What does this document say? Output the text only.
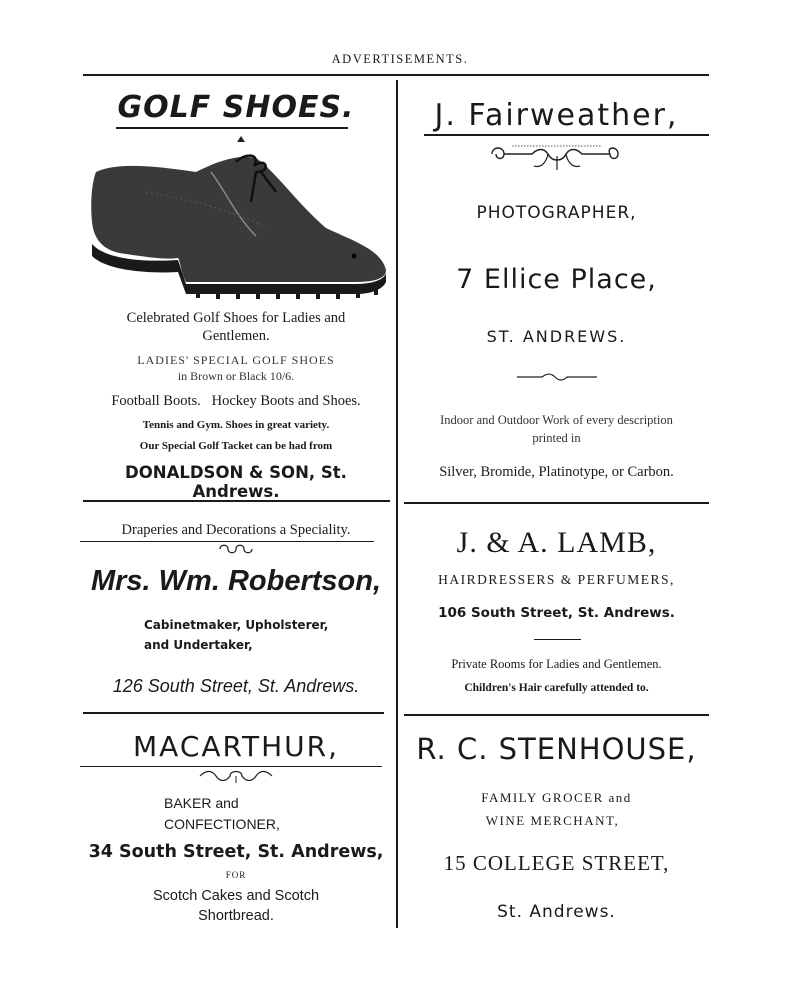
ADVERTISEMENTS.
GOLF SHOES.
Celebrated Golf Shoes for Ladies and
Gentlemen.
LADIES' SPECIAL GOLF SHOES
in Brown or Black 10/6.
Football Boots.   Hockey Boots and Shoes.
Tennis and Gym. Shoes in great variety.
Our Special Golf Tacket can be had from
DONALDSON & SON, St. Andrews.
J. Fairweather,
PHOTOGRAPHER,
7 Ellice Place,
ST. ANDREWS.
Indoor and Outdoor Work of every description
printed in
Silver, Bromide, Platinotype, or Carbon.
Draperies and Decorations a Speciality.
Mrs. Wm. Robertson,
Cabinetmaker, Upholsterer,
and Undertaker,
126 South Street, St. Andrews.
J. & A. LAMB,
HAIRDRESSERS & PERFUMERS,
106 South Street, St. Andrews.
Private Rooms for Ladies and Gentlemen.
Children's Hair carefully attended to.
MACARTHUR,
BAKER and
CONFECTIONER,
34 South Street, St. Andrews,
FOR
Scotch Cakes and Scotch
Shortbread.
R. C. STENHOUSE,
FAMILY GROCER and
WINE MERCHANT,
15 COLLEGE STREET,
St. Andrews.
